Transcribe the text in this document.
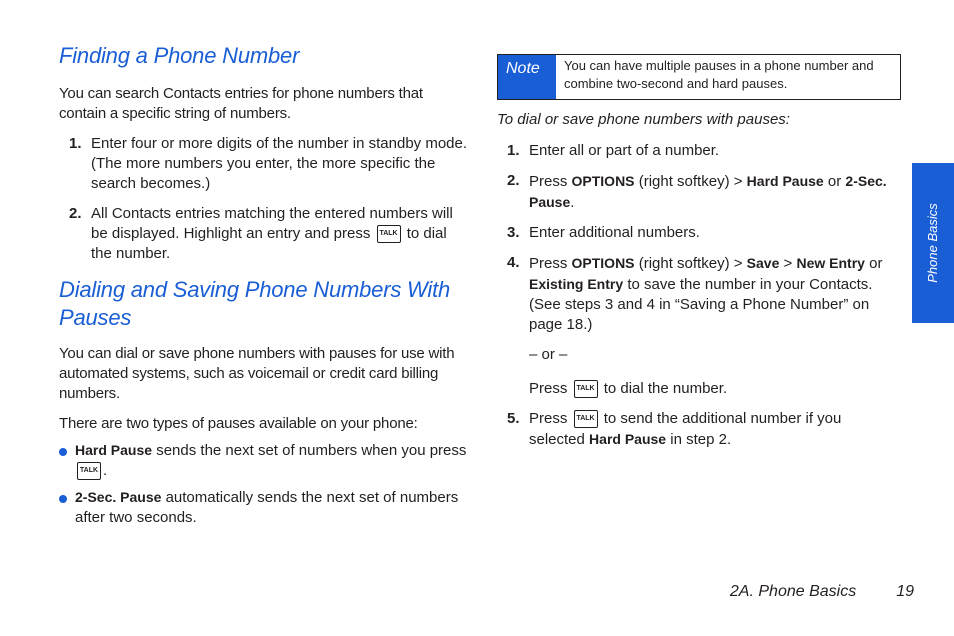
Finding a Phone Number

You can search Contacts entries for phone numbers that contain a specific string of numbers.

1. Enter four or more digits of the number in standby mode. (The more numbers you enter, the more specific the search becomes.)

2. All Contacts entries matching the entered numbers will be displayed. Highlight an entry and press TALK to dial the number.

Dialing and Saving Phone Numbers With Pauses

You can dial or save phone numbers with pauses for use with automated systems, such as voicemail or credit card billing numbers.

There are two types of pauses available on your phone:

Hard Pause sends the next set of numbers when you press TALK .

2-Sec. Pause automatically sends the next set of numbers after two seconds.

Note	You can have multiple pauses in a phone number and combine two-second and hard pauses.

To dial or save phone numbers with pauses:

1. Enter all or part of a number.

2. Press OPTIONS (right softkey) > Hard Pause or 2-Sec. Pause.

3. Enter additional numbers.

4. Press OPTIONS (right softkey) > Save > New Entry or Existing Entry to save the number in your Contacts. (See steps 3 and 4 in “Saving a Phone Number” on page 18.)

– or –

Press TALK to dial the number.

5. Press TALK to send the additional number if you selected Hard Pause in step 2.

Phone Basics
2A. Phone Basics	19
